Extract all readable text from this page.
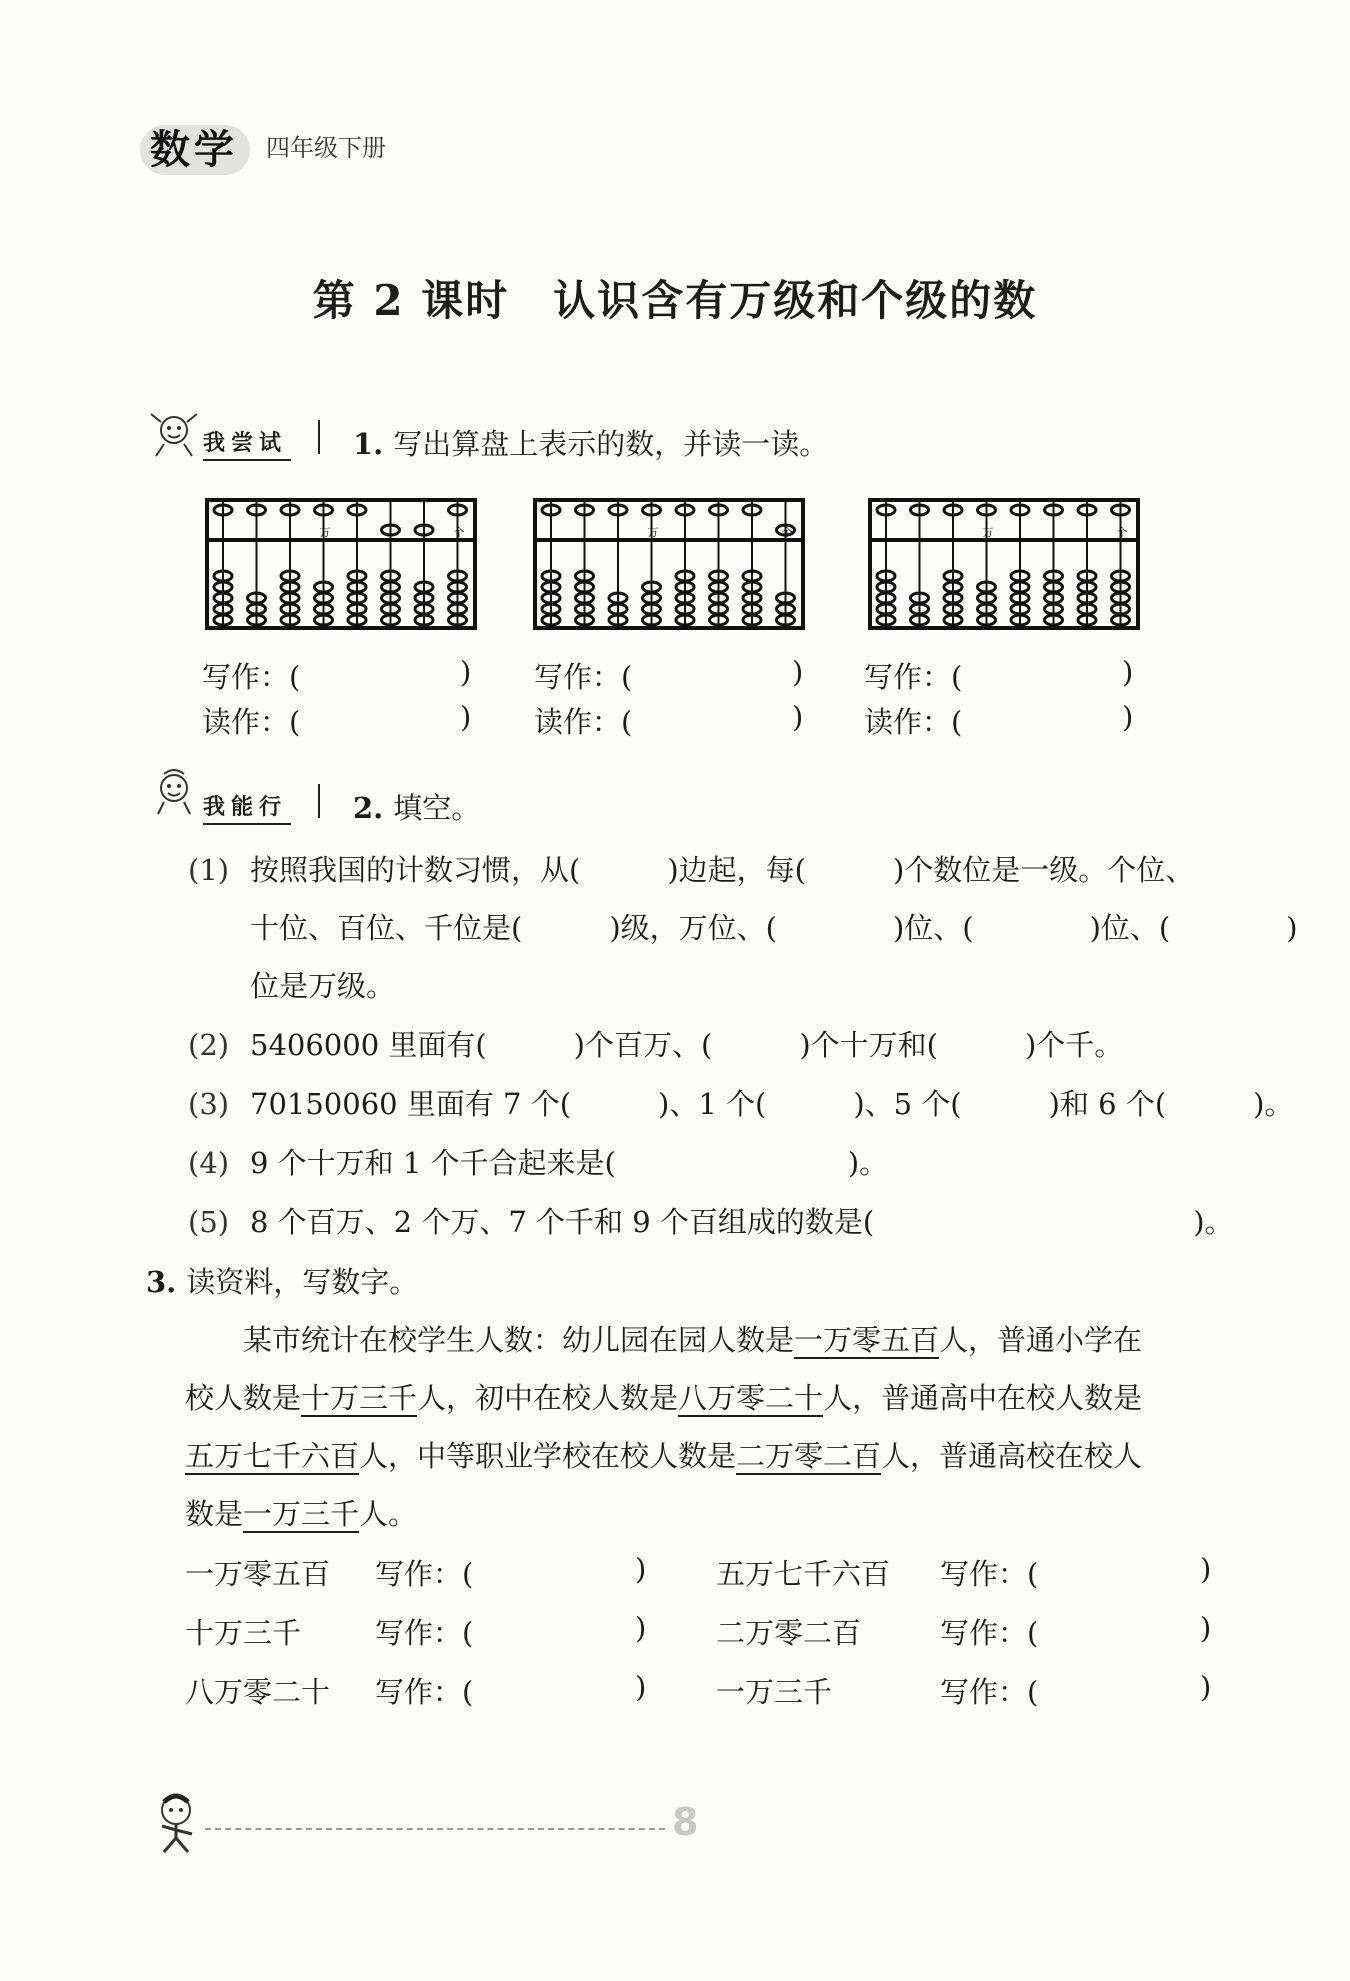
数学 四年级下册
第 2 课时 认识含有万级和个级的数
我尝试 1. 写出算盘上表示的数，并读一读。
万	个	万	个	万	个
写作：(	)
读作：(	)
写作：(	)
读作：(	)
写作：(	)
读作：(	)
我能行 2. 填空。
(1) 按照我国的计数习惯，从(　　　)边起，每(　　　)个数位是一级。个位、
十位、百位、千位是(　　　)级，万位、(　　　　)位、(　　　　)位、(　　　　)
位是万级。
(2) 5406000 里面有(　　　)个百万、(　　　)个十万和(　　　)个千。
(3) 70150060 里面有 7 个(　　　)、1 个(　　　)、5 个(　　　)和 6 个(　　　)。
(4) 9 个十万和 1 个千合起来是(　　　　　　　　)。
(5) 8 个百万、2 个万、7 个千和 9 个百组成的数是(　　　　　　　　　　　)。
3. 读资料，写数字。
　　某市统计在校学生人数：幼儿园在园人数是一万零五百人，普通小学在
校人数是十万三千人，初中在校人数是八万零二十人，普通高中在校人数是
五万七千六百人，中等职业学校在校人数是二万零二百人，普通高校在校人
数是一万三千人。
一万零五百 写作：(	) 五万七千六百 写作：(	)
十万三千	写作：(	) 二万零二百	写作：(	)
八万零二十 写作：(	) 一万三千	写作：(	)
8
